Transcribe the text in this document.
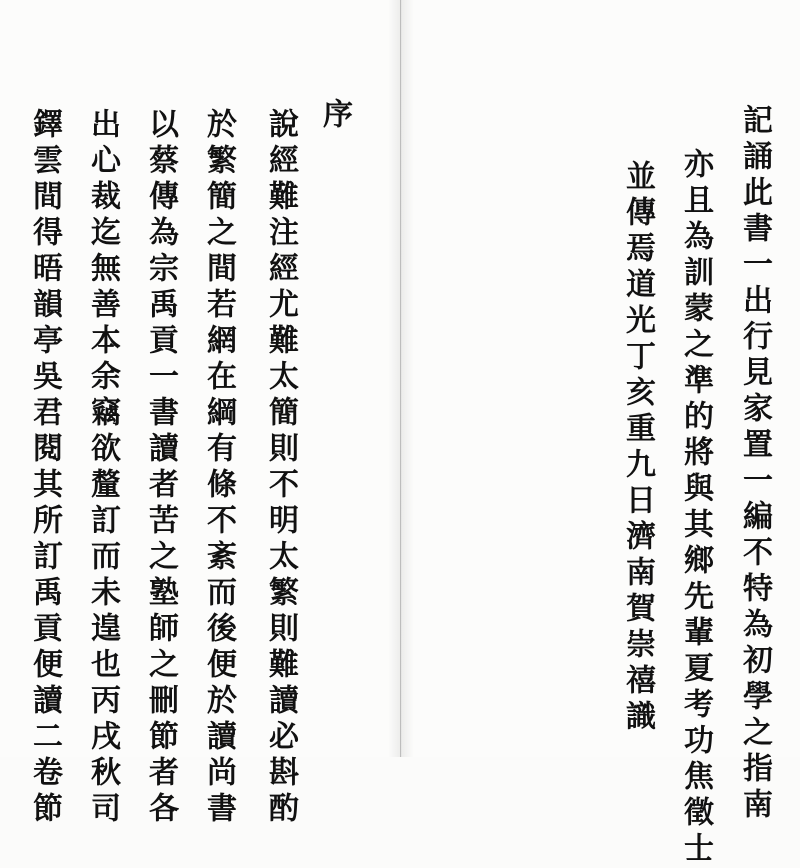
記誦此書一出行見家置一編不特為初學之指南
亦且為訓蒙之準的將與其鄉先輩夏考功焦徵士
並傳焉道光丁亥重九日濟南賀崇禧識
序
說經難注經尤難太簡則不明太繁則難讀必斟酌
於繁簡之間若網在綱有條不紊而後便於讀尚書
以蔡傳為宗禹貢一書讀者苦之塾師之刪節者各
出心裁迄無善本余竊欲釐訂而未遑也丙戌秋司
鐸雲間得晤韻亭吳君閱其所訂禹貢便讀二卷節
